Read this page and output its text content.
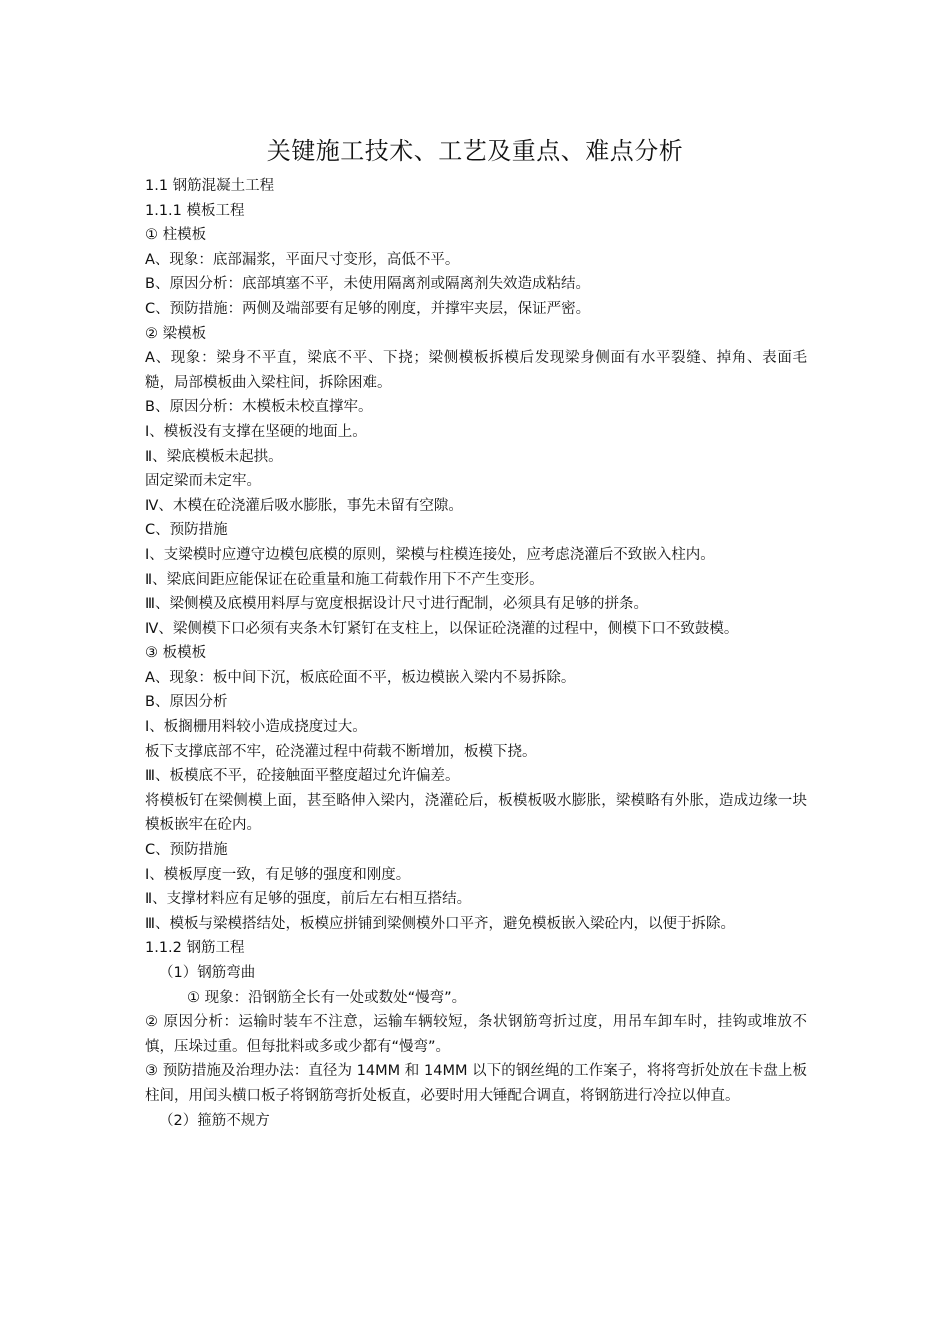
关键施工技术、工艺及重点、难点分析
1.1 钢筋混凝土工程
1.1.1 模板工程
① 柱模板
A、现象：底部漏浆，平面尺寸变形，高低不平。
B、原因分析：底部填塞不平，未使用隔离剂或隔离剂失效造成粘结。
C、预防措施：两侧及端部要有足够的刚度，并撑牢夹层，保证严密。
② 梁模板
A、现象：梁身不平直，梁底不平、下挠；梁侧模板拆模后发现梁身侧面有水平裂缝、掉角、表面毛糙，局部模板曲入梁柱间，拆除困难。
B、原因分析：木模板未校直撑牢。
Ⅰ、模板没有支撑在坚硬的地面上。
Ⅱ、梁底模板未起拱。
固定梁而未定牢。
Ⅳ、木模在砼浇灌后吸水膨胀，事先未留有空隙。
C、预防措施
Ⅰ、支梁模时应遵守边模包底模的原则，梁模与柱模连接处，应考虑浇灌后不致嵌入柱内。
Ⅱ、梁底间距应能保证在砼重量和施工荷载作用下不产生变形。
Ⅲ、梁侧模及底模用料厚与宽度根据设计尺寸进行配制，必须具有足够的拼条。
Ⅳ、梁侧模下口必须有夹条木钉紧钉在支柱上，以保证砼浇灌的过程中，侧模下口不致鼓模。
③ 板模板
A、现象：板中间下沉，板底砼面不平，板边模嵌入梁内不易拆除。
B、原因分析
Ⅰ、板搁栅用料较小造成挠度过大。
板下支撑底部不牢，砼浇灌过程中荷载不断增加，板模下挠。
Ⅲ、板模底不平，砼接触面平整度超过允许偏差。
将模板钉在梁侧模上面，甚至略伸入梁内，浇灌砼后，板模板吸水膨胀，梁模略有外胀，造成边缘一块模板嵌牢在砼内。
C、预防措施
Ⅰ、模板厚度一致，有足够的强度和刚度。
Ⅱ、支撑材料应有足够的强度，前后左右相互搭结。
Ⅲ、模板与梁模搭结处，板模应拼铺到梁侧模外口平齐，避免模板嵌入梁砼内，以便于拆除。
1.1.2 钢筋工程
（1）钢筋弯曲
① 现象：沿钢筋全长有一处或数处“慢弯”。
② 原因分析：运输时装车不注意，运输车辆较短，条状钢筋弯折过度，用吊车卸车时，挂钩或堆放不慎，压垛过重。但每批料或多或少都有“慢弯”。
③ 预防措施及治理办法：直径为 14MM 和 14MM 以下的钢丝绳的工作案子，将将弯折处放在卡盘上板柱间，用闰头横口板子将钢筋弯折处板直，必要时用大锤配合调直，将钢筋进行冷拉以伸直。
（2）箍筋不规方
